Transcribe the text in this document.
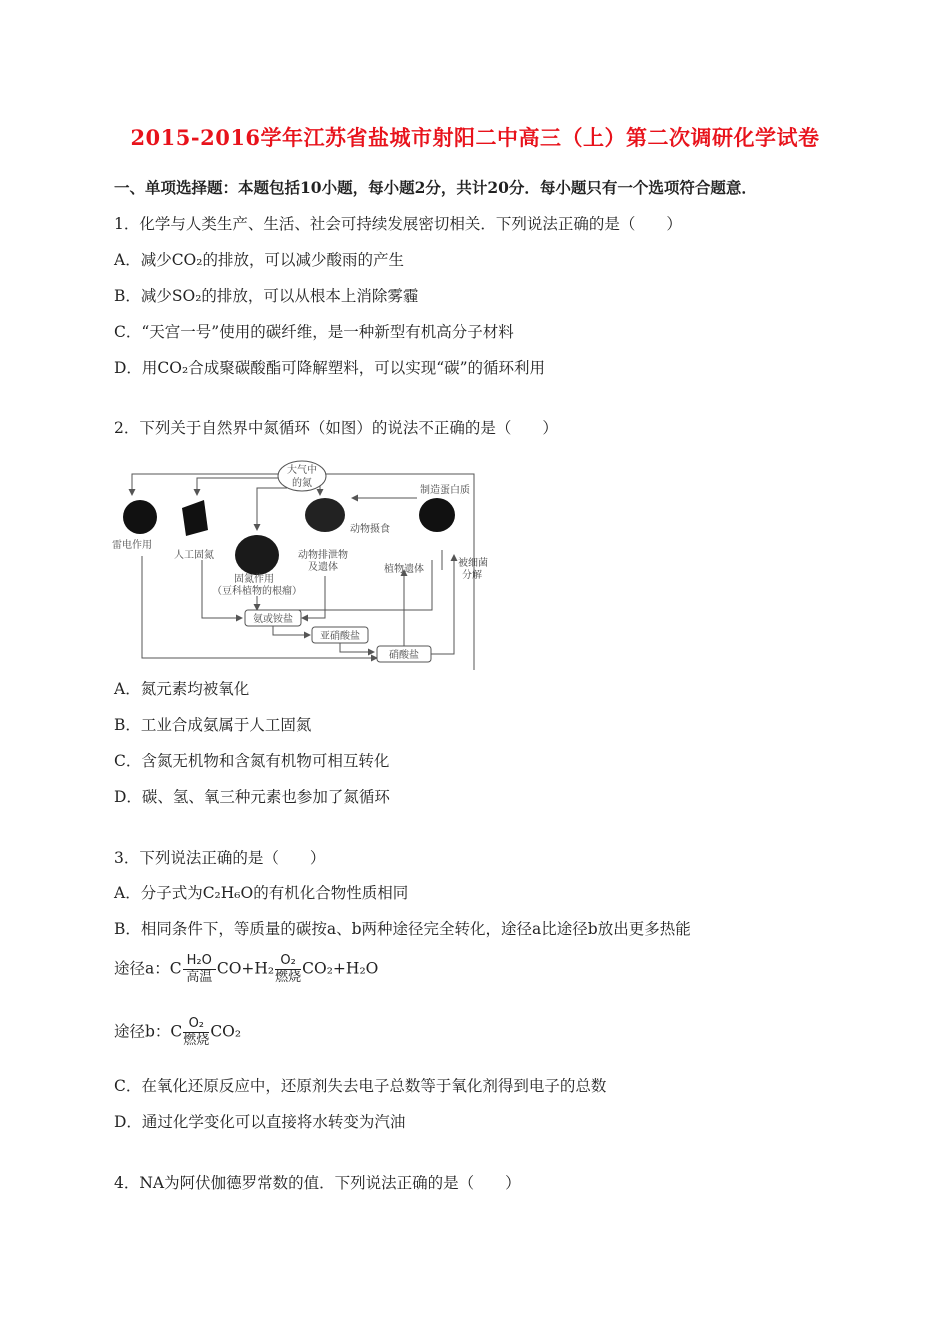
2015-2016学年江苏省盐城市射阳二中高三（上）第二次调研化学试卷
一、单项选择题：本题包括10小题，每小题2分，共计20分．每小题只有一个选项符合题意．
1．化学与人类生产、生活、社会可持续发展密切相关．下列说法正确的是（　　）
A．减少CO₂的排放，可以减少酸雨的产生
B．减少SO₂的排放，可以从根本上消除雾霾
C．“天宫一号”使用的碳纤维，是一种新型有机高分子材料
D．用CO₂合成聚碳酸酯可降解塑料，可以实现“碳”的循环利用
2．下列关于自然界中氮循环（如图）的说法不正确的是（　　）
大气中
的氮
制造蛋白质
雷电作用
人工固氮
固氮作用
（豆科植物的根瘤）
动物排泄物
及遗体
动物摄食
植物遗体
被细菌
分解
氨或铵盐
亚硝酸盐
硝酸盐
A．氮元素均被氧化
B．工业合成氨属于人工固氮
C．含氮无机物和含氮有机物可相互转化
D．碳、氢、氧三种元素也参加了氮循环
3．下列说法正确的是（　　）
A．分子式为C₂H₆O的有机化合物性质相同
B．相同条件下，等质量的碳按a、b两种途径完全转化，途径a比途径b放出更多热能
途径a：C H₂O
高温 CO+H₂ O₂
燃烧 CO₂+H₂O
途径b：C O₂
燃烧 CO₂
C．在氧化还原反应中，还原剂失去电子总数等于氧化剂得到电子的总数
D．通过化学变化可以直接将水转变为汽油
4．NA为阿伏伽德罗常数的值．下列说法正确的是（　　）
